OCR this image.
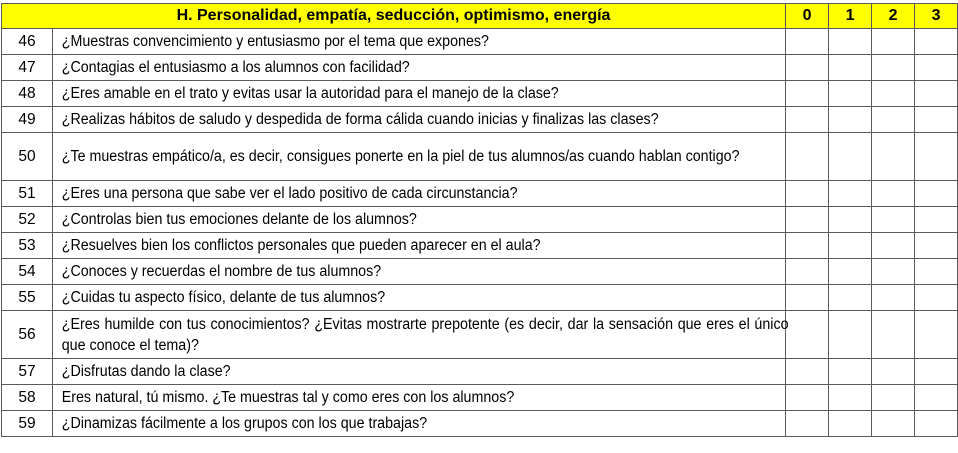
H. Personalidad, empatía, seducción, optimismo, energía		0	1	2	3
46	¿Muestras convencimiento y entusiasmo por el tema que expones?				
47	¿Contagias el entusiasmo a los alumnos con facilidad?				
48	¿Eres amable en el trato y evitas usar la autoridad para el manejo de la clase?				
49	¿Realizas hábitos de saludo y despedida de forma cálida cuando inicias y finalizas las clases?				
50	¿Te muestras empático/a, es decir, consigues ponerte en la piel de tus alumnos/as cuando hablan contigo?				
51	¿Eres una persona que sabe ver el lado positivo de cada circunstancia?				
52	¿Controlas bien tus emociones delante de los alumnos?				
53	¿Resuelves bien los conflictos personales que pueden aparecer en el aula?				
54	¿Conoces y recuerdas el nombre de tus alumnos?				
55	¿Cuidas tu aspecto físico, delante de tus alumnos?				
56	¿Eres humilde con tus conocimientos? ¿Evitas mostrarte prepotente (es decir, dar la sensación que eres el único que conoce el tema)?				
57	¿Disfrutas dando la clase?				
58	Eres natural, tú mismo. ¿Te muestras tal y como eres con los alumnos?				
59	¿Dinamizas fácilmente a los grupos con los que trabajas?				
